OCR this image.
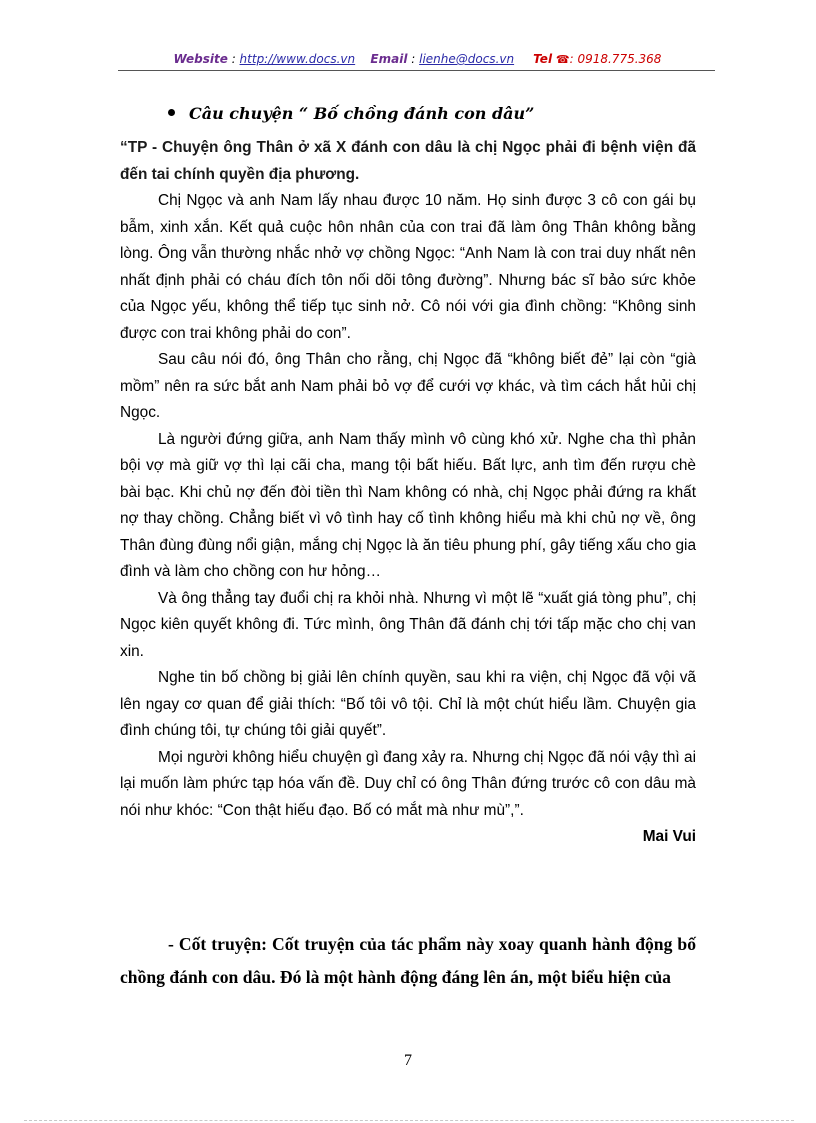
Website : http://www.docs.vn Email : lienhe@docs.vn Tel ☎: 0918.775.368
Câu chuyện “ Bố chồng đánh con dâu”

“TP - Chuyện ông Thân ở xã X đánh con dâu là chị Ngọc phải đi bệnh viện đã đến tai chính quyền địa phương.

Chị Ngọc và anh Nam lấy nhau được 10 năm. Họ sinh được 3 cô con gái bụ bẫm, xinh xắn. Kết quả cuộc hôn nhân của con trai đã làm ông Thân không bằng lòng. Ông vẫn thường nhắc nhở vợ chồng Ngọc: “Anh Nam là con trai duy nhất nên nhất định phải có cháu đích tôn nối dõi tông đường”. Nhưng bác sĩ bảo sức khỏe của Ngọc yếu, không thể tiếp tục sinh nở. Cô nói với gia đình chồng: “Không sinh được con trai không phải do con”.

Sau câu nói đó, ông Thân cho rằng, chị Ngọc đã “không biết đẻ” lại còn “già mồm” nên ra sức bắt anh Nam phải bỏ vợ để cưới vợ khác, và tìm cách hắt hủi chị Ngọc.

Là người đứng giữa, anh Nam thấy mình vô cùng khó xử. Nghe cha thì phản bội vợ mà giữ vợ thì lại cãi cha, mang tội bất hiếu. Bất lực, anh tìm đến rượu chè bài bạc. Khi chủ nợ đến đòi tiền thì Nam không có nhà, chị Ngọc phải đứng ra khất nợ thay chồng. Chẳng biết vì vô tình hay cố tình không hiểu mà khi chủ nợ về, ông Thân đùng đùng nổi giận, mắng chị Ngọc là ăn tiêu phung phí, gây tiếng xấu cho gia đình và làm cho chồng con hư hỏng…

Và ông thẳng tay đuổi chị ra khỏi nhà. Nhưng vì một lẽ “xuất giá tòng phu”, chị Ngọc kiên quyết không đi. Tức mình, ông Thân đã đánh chị tới tấp mặc cho chị van xin.

Nghe tin bố chồng bị giải lên chính quyền, sau khi ra viện, chị Ngọc đã vội vã lên ngay cơ quan để giải thích: “Bố tôi vô tội. Chỉ là một chút hiểu lầm. Chuyện gia đình chúng tôi, tự chúng tôi giải quyết”.

Mọi người không hiểu chuyện gì đang xảy ra. Nhưng chị Ngọc đã nói vậy thì ai lại muốn làm phức tạp hóa vấn đề. Duy chỉ có ông Thân đứng trước cô con dâu mà nói như khóc: “Con thật hiếu đạo. Bố có mắt mà như mù”,”.

Mai Vui

- Cốt truyện: Cốt truyện của tác phẩm này xoay quanh hành động bố chồng đánh con dâu. Đó là một hành động đáng lên án, một biểu hiện của
7
